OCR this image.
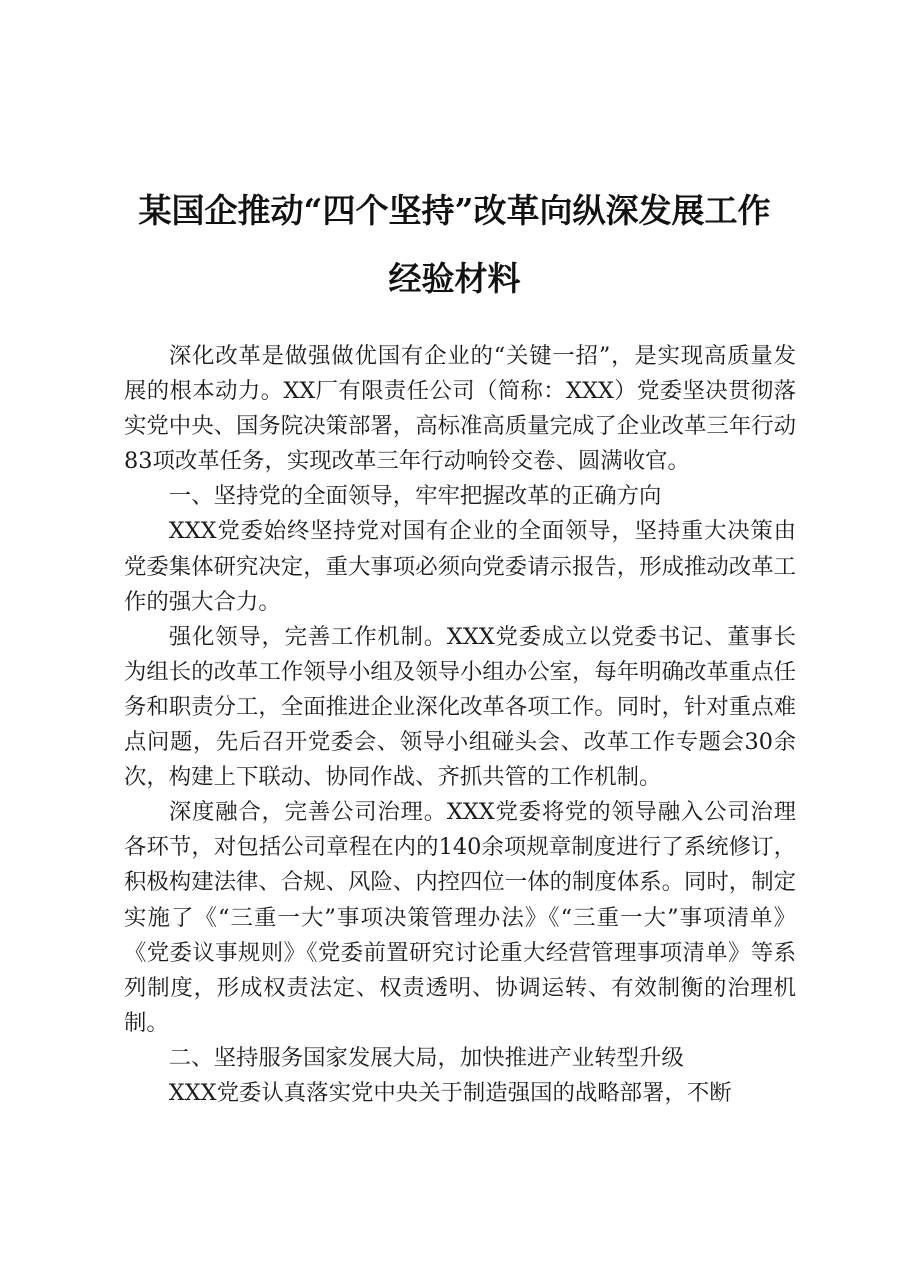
某国企推动“四个坚持”改革向纵深发展工作
经验材料

深化改革是做强做优国有企业的“关键一招”，是实现高质量发展的根本动力。XX厂有限责任公司（简称：XXX）党委坚决贯彻落实党中央、国务院决策部署，高标准高质量完成了企业改革三年行动83项改革任务，实现改革三年行动响铃交卷、圆满收官。

一、坚持党的全面领导，牢牢把握改革的正确方向

XXX党委始终坚持党对国有企业的全面领导，坚持重大决策由党委集体研究决定，重大事项必须向党委请示报告，形成推动改革工作的强大合力。

强化领导，完善工作机制。XXX党委成立以党委书记、董事长为组长的改革工作领导小组及领导小组办公室，每年明确改革重点任务和职责分工，全面推进企业深化改革各项工作。同时，针对重点难点问题，先后召开党委会、领导小组碰头会、改革工作专题会30余次，构建上下联动、协同作战、齐抓共管的工作机制。

深度融合，完善公司治理。XXX党委将党的领导融入公司治理各环节，对包括公司章程在内的140余项规章制度进行了系统修订，积极构建法律、合规、风险、内控四位一体的制度体系。同时，制定实施了《“三重一大”事项决策管理办法》《“三重一大”事项清单》《党委议事规则》《党委前置研究讨论重大经营管理事项清单》等系列制度，形成权责法定、权责透明、协调运转、有效制衡的治理机制。

二、坚持服务国家发展大局，加快推进产业转型升级

XXX党委认真落实党中央关于制造强国的战略部署，不断
